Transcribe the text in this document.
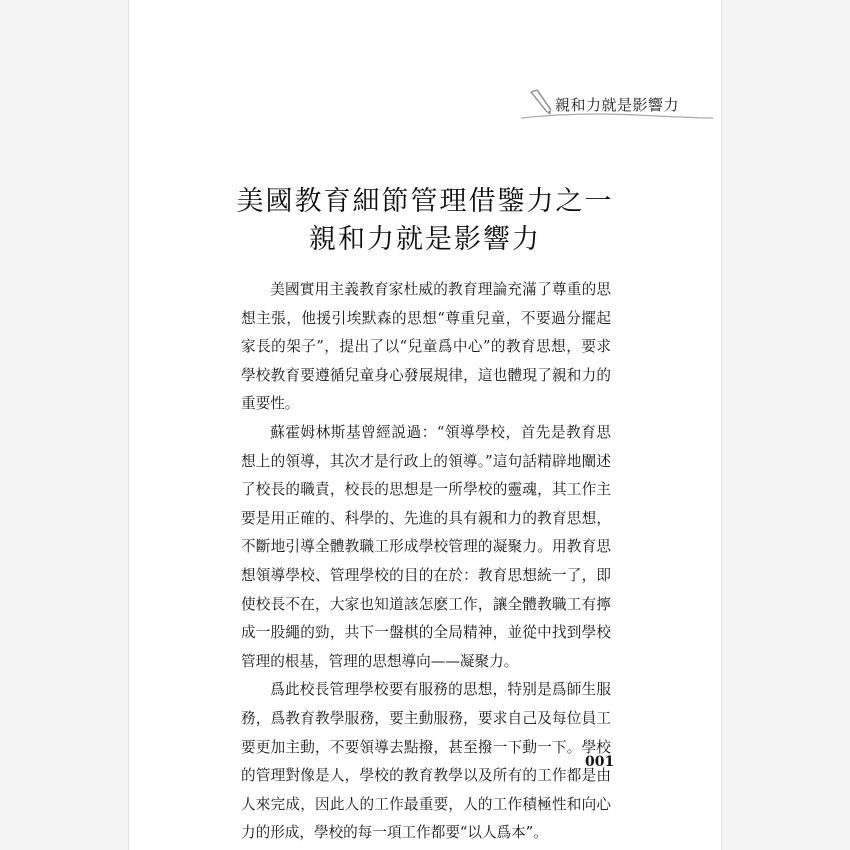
親和力就是影響力
美國教育細節管理借鑒力之一
親和力就是影響力

美國實用主義教育家杜威的教育理論充滿了尊重的思想主張，他援引埃默森的思想“尊重兒童，不要過分擺起家長的架子”，提出了以“兒童爲中心”的教育思想，要求學校教育要遵循兒童身心發展規律，這也體現了親和力的重要性。

蘇霍姆林斯基曾經説過：“領導學校，首先是教育思想上的領導，其次才是行政上的領導。”這句話精辟地闡述了校長的職責，校長的思想是一所學校的靈魂，其工作主要是用正確的、科學的、先進的具有親和力的教育思想，不斷地引導全體教職工形成學校管理的凝聚力。用教育思想領導學校、管理學校的目的在於：教育思想統一了，即使校長不在，大家也知道該怎麽工作，讓全體教職工有擰成一股繩的勁，共下一盤棋的全局精神，並從中找到學校管理的根基，管理的思想導向——凝聚力。

爲此校長管理學校要有服務的思想，特别是爲師生服務，爲教育教學服務，要主動服務，要求自己及每位員工要更加主動，不要領導去點撥，甚至撥一下動一下。學校的管理對像是人，學校的教育教學以及所有的工作都是由人來完成，因此人的工作最重要，人的工作積極性和向心力的形成，學校的每一項工作都要“以人爲本”。

001
